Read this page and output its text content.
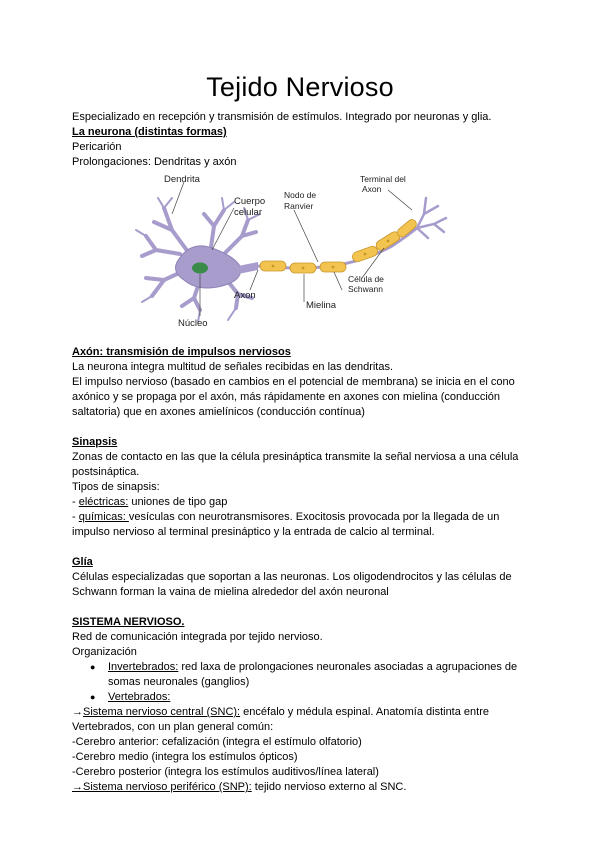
Tejido Nervioso

Especializado en recepción y transmisión de estímulos. Integrado por neuronas y glia.

La neurona (distintas formas)

Pericarión

Prolongaciones: Dendritas y axón

Dendrita
Cuerpo
celular
Nodo de
Ranvier
Terminal del
Axon
Axon
Mielina
Célula de
Schwann
Núcleo

Axón: transmisión de impulsos nerviosos

La neurona integra multitud de señales recibidas en las dendritas.

El impulso nervioso (basado en cambios en el potencial de membrana) se inicia en el cono axónico y se propaga por el axón, más rápidamente en axones con mielina (conducción saltatoria) que en axones amielínicos (conducción contínua)

Sinapsis

Zonas de contacto en las que la célula presináptica transmite la señal nerviosa a una célula postsináptica.

Tipos de sinapsis:

- eléctricas: uniones de tipo gap

- químicas: vesículas con neurotransmisores. Exocitosis provocada por la llegada de un impulso nervioso al terminal presináptico y la entrada de calcio al terminal.

Glía

Células especializadas que soportan a las neuronas. Los oligodendrocitos y las células de Schwann forman la vaina de mielina alrededor del axón neuronal

SISTEMA NERVIOSO.

Red de comunicación integrada por tejido nervioso.

Organización

● Invertebrados: red laxa de prolongaciones neuronales asociadas a agrupaciones de somas neuronales (ganglios)

● Vertebrados:

→Sistema nervioso central (SNC): encéfalo y médula espinal. Anatomía distinta entre Vertebrados, con un plan general común:

-Cerebro anterior: cefalización (integra el estímulo olfatorio)

-Cerebro medio (integra los estímulos ópticos)

-Cerebro posterior (integra los estímulos auditivos/línea lateral)

→Sistema nervioso periférico (SNP): tejido nervioso externo al SNC.
